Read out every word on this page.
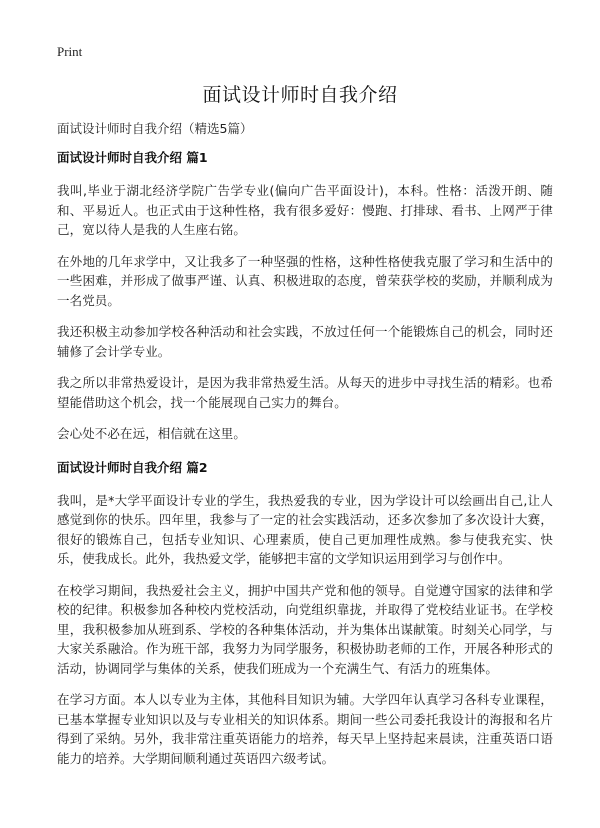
Print
面试设计师时自我介绍
面试设计师时自我介绍（精选5篇）
面试设计师时自我介绍 篇1

我叫,毕业于湖北经济学院广告学专业(偏向广告平面设计)，本科。性格：活泼开朗、随和、平易近人。也正式由于这种性格，我有很多爱好：慢跑、打排球、看书、上网严于律己，宽以待人是我的人生座右铭。

在外地的几年求学中，又让我多了一种坚强的性格，这种性格使我克服了学习和生活中的一些困难，并形成了做事严谨、认真、积极进取的态度，曾荣获学校的奖励，并顺利成为一名党员。

我还积极主动参加学校各种活动和社会实践，不放过任何一个能锻炼自己的机会，同时还辅修了会计学专业。

我之所以非常热爱设计，是因为我非常热爱生活。从每天的进步中寻找生活的精彩。也希望能借助这个机会，找一个能展现自己实力的舞台。

会心处不必在远，相信就在这里。

面试设计师时自我介绍 篇2

我叫，是*大学平面设计专业的学生，我热爱我的专业，因为学设计可以绘画出自己,让人感觉到你的快乐。四年里，我参与了一定的社会实践活动，还多次参加了多次设计大赛，很好的锻炼自己，包括专业知识、心理素质，使自己更加理性成熟。参与使我充实、快乐，使我成长。此外，我热爱文学，能够把丰富的文学知识运用到学习与创作中。

在校学习期间，我热爱社会主义，拥护中国共产党和他的领导。自觉遵守国家的法律和学校的纪律。积极参加各种校内党校活动，向党组织靠拢，并取得了党校结业证书。在学校里，我积极参加从班到系、学校的各种集体活动，并为集体出谋献策。时刻关心同学，与大家关系融洽。作为班干部，我努力为同学服务，积极协助老师的工作，开展各种形式的活动，协调同学与集体的关系，使我们班成为一个充满生气、有活力的班集体。

在学习方面。本人以专业为主体，其他科目知识为辅。大学四年认真学习各科专业课程，已基本掌握专业知识以及与专业相关的知识体系。期间一些公司委托我设计的海报和名片得到了采纳。另外，我非常注重英语能力的培养，每天早上坚持起来晨读，注重英语口语能力的培养。大学期间顺利通过英语四六级考试。
